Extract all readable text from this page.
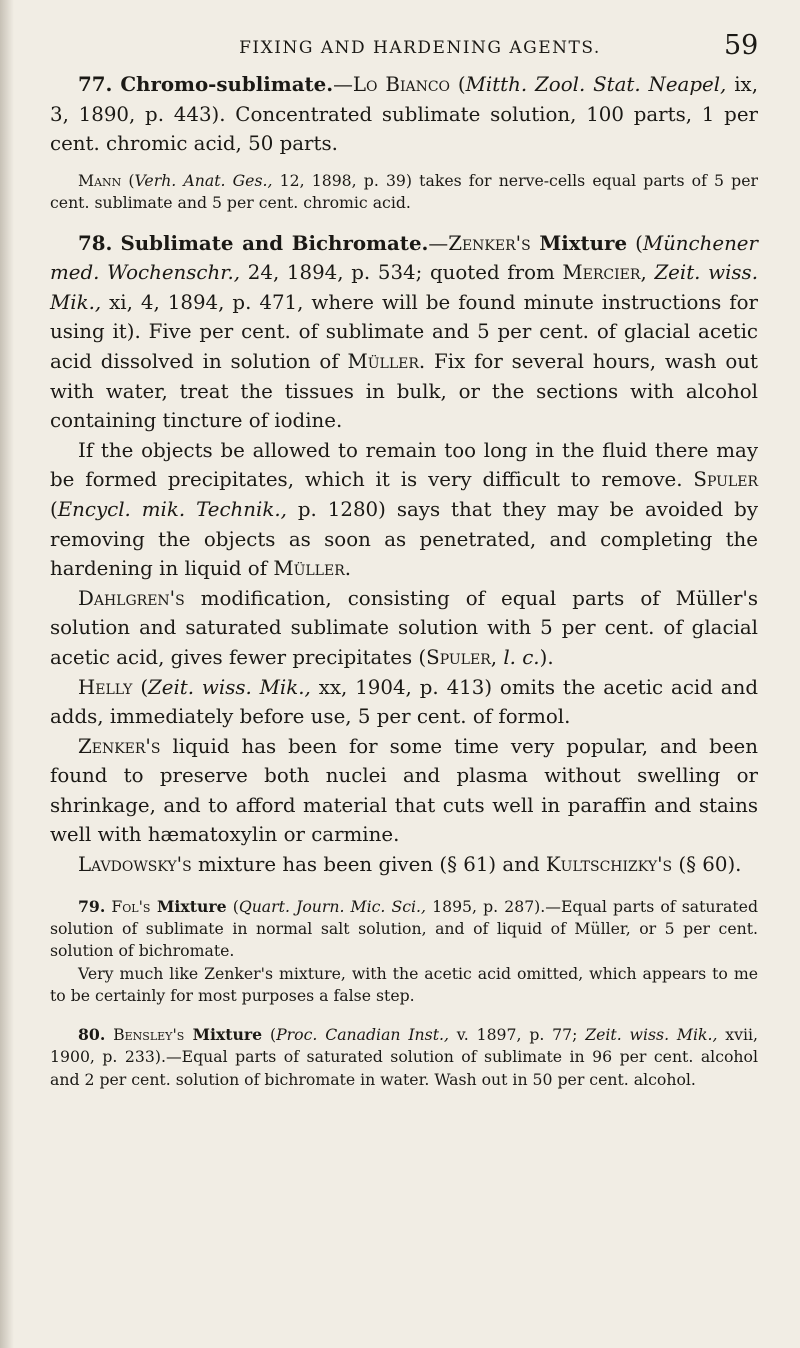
FIXING AND HARDENING AGENTS.	59

77. Chromo-sublimate.—Lo Bianco (Mitth. Zool. Stat. Neapel, ix, 3, 1890, p. 443). Concentrated sublimate solution, 100 parts, 1 per cent. chromic acid, 50 parts.

Mann (Verh. Anat. Ges., 12, 1898, p. 39) takes for nerve-cells equal parts of 5 per cent. sublimate and 5 per cent. chromic acid.

78. Sublimate and Bichromate.—Zenker's Mixture (Münchener med. Wochenschr., 24, 1894, p. 534; quoted from Mercier, Zeit. wiss. Mik., xi, 4, 1894, p. 471, where will be found minute instructions for using it). Five per cent. of sublimate and 5 per cent. of glacial acetic acid dissolved in solution of Müller. Fix for several hours, wash out with water, treat the tissues in bulk, or the sections with alcohol containing tincture of iodine.

If the objects be allowed to remain too long in the fluid there may be formed precipitates, which it is very difficult to remove. Spuler (Encycl. mik. Technik., p. 1280) says that they may be avoided by removing the objects as soon as penetrated, and completing the hardening in liquid of Müller.

Dahlgren's modification, consisting of equal parts of Müller's solution and saturated sublimate solution with 5 per cent. of glacial acetic acid, gives fewer precipitates (Spuler, l. c.).

Helly (Zeit. wiss. Mik., xx, 1904, p. 413) omits the acetic acid and adds, immediately before use, 5 per cent. of formol.

Zenker's liquid has been for some time very popular, and been found to preserve both nuclei and plasma without swelling or shrinkage, and to afford material that cuts well in paraffin and stains well with hæmatoxylin or carmine.

Lavdowsky's mixture has been given (§ 61) and Kultschizky's (§ 60).

79. Fol's Mixture (Quart. Journ. Mic. Sci., 1895, p. 287).—Equal parts of saturated solution of sublimate in normal salt solution, and of liquid of Müller, or 5 per cent. solution of bichromate.

Very much like Zenker's mixture, with the acetic acid omitted, which appears to me to be certainly for most purposes a false step.

80. Bensley's Mixture (Proc. Canadian Inst., v. 1897, p. 77; Zeit. wiss. Mik., xvii, 1900, p. 233).—Equal parts of saturated solution of sublimate in 96 per cent. alcohol and 2 per cent. solution of bichromate in water. Wash out in 50 per cent. alcohol.
